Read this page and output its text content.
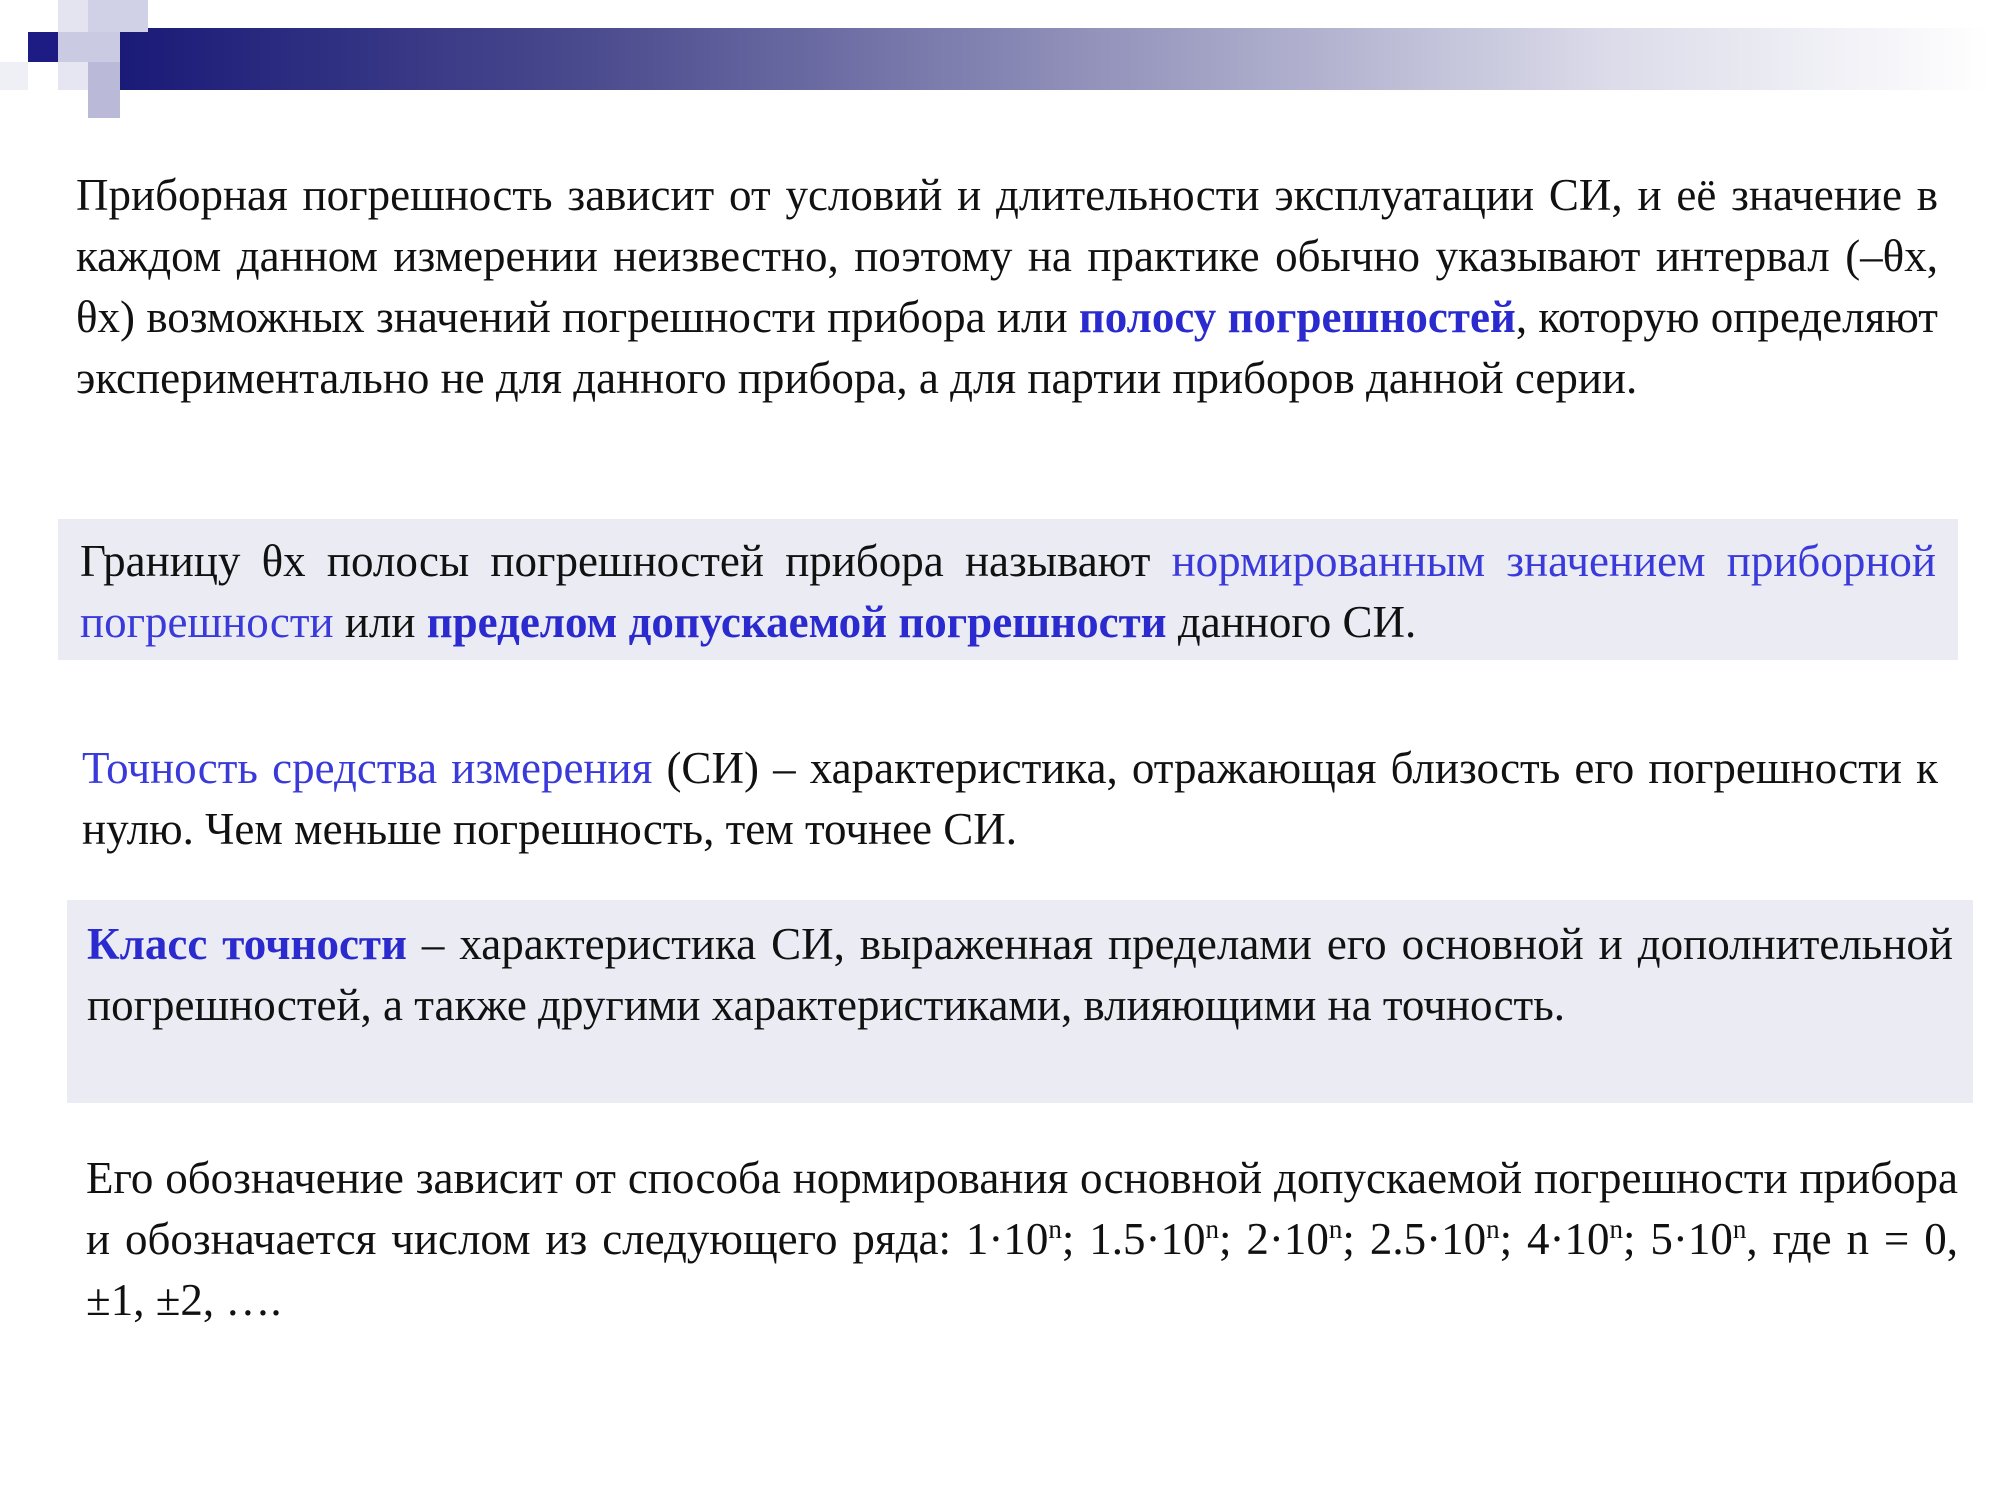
Приборная погрешность зависит от условий и длительности эксплуатации СИ, и её значение в каждом данном измерении неизвестно, поэтому на практике обычно указывают интервал (–θх, θх) возможных значений погрешности прибора или полосу погрешностей, которую определяют экспериментально не для данного прибора, а для партии приборов данной серии.

Границу θх полосы погрешностей прибора называют нормированным значением приборной погрешности или пределом допускаемой погрешности данного СИ.

Точность средства измерения (СИ) – характеристика, отражающая близость его погрешности к нулю. Чем меньше погрешность, тем точнее СИ.

Класс точности – характеристика СИ, выраженная пределами его основной и дополнительной погрешностей, а также другими характеристиками, влияющими на точность.

Его обозначение зависит от способа нормирования основной допускаемой погрешности прибора и обозначается числом из следующего ряда: $1\cdot 10^n$; $1.5\cdot 10^n$; $2\cdot 10^n$; $2.5\cdot 10^n$; $4\cdot 10^n$; $5\cdot 10^n$, где n = 0, ±1, ±2, ….
